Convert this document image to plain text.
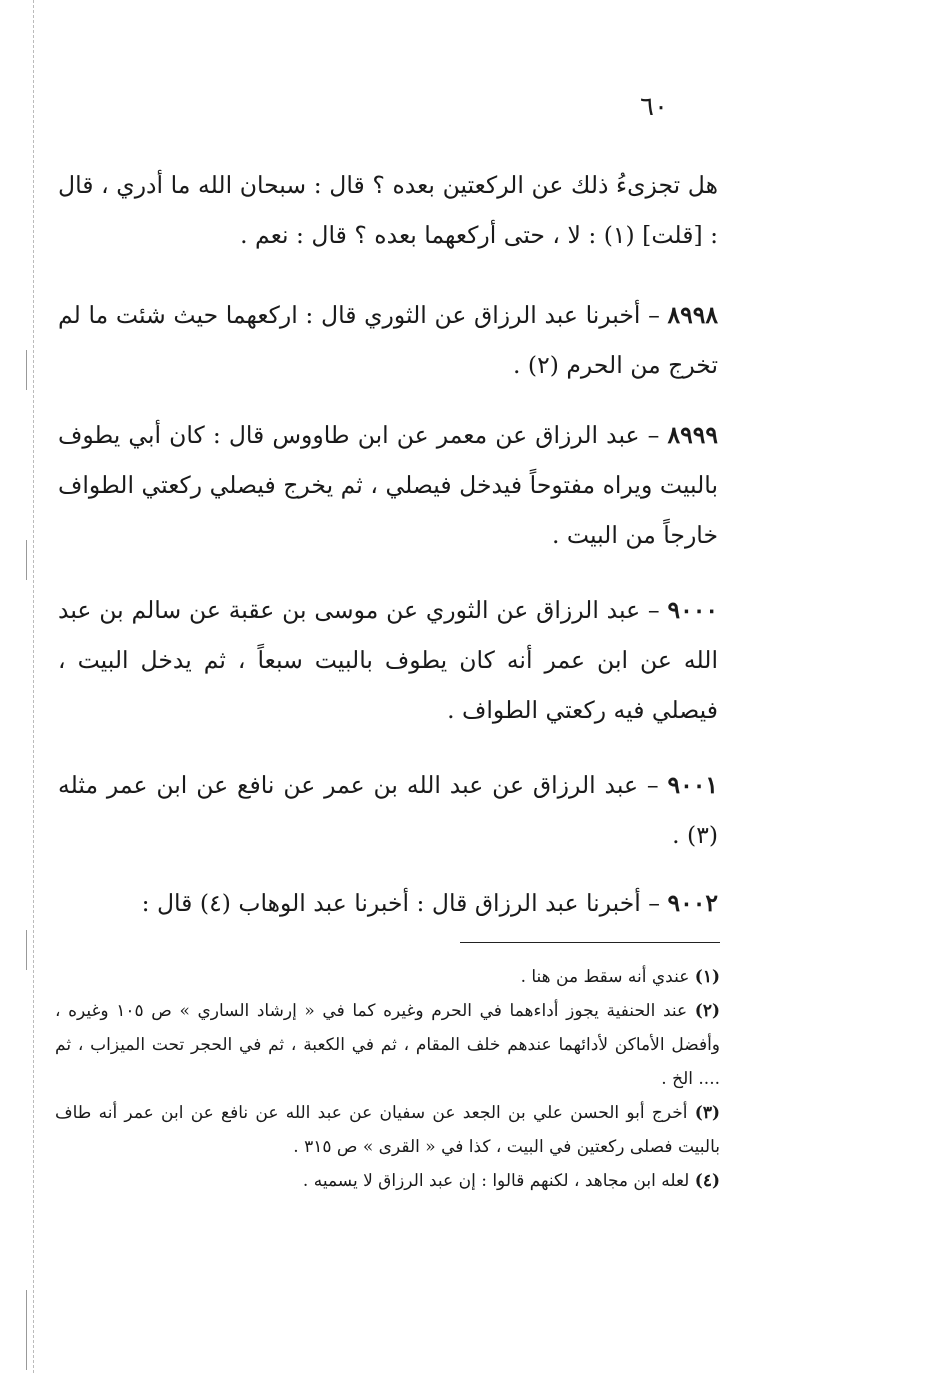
٦٠

هل تجزىءُ ذلك عن الركعتين بعده ؟ قال : سبحان الله ما أدري ، قال : [قلت] (١) : لا ، حتى أركعهما بعده ؟ قال : نعم .

٨٩٩٨ – أخبرنا عبد الرزاق عن الثوري قال : اركعهما حيث شئت ما لم تخرج من الحرم (٢) .

٨٩٩٩ – عبد الرزاق عن معمر عن ابن طاووس قال : كان أبي يطوف بالبيت ويراه مفتوحاً فيدخل فيصلي ، ثم يخرج فيصلي ركعتي الطواف خارجاً من البيت .

٩٠٠٠ – عبد الرزاق عن الثوري عن موسى بن عقبة عن سالم بن عبد الله عن ابن عمر أنه كان يطوف بالبيت سبعاً ، ثم يدخل البيت ، فيصلي فيه ركعتي الطواف .

٩٠٠١ – عبد الرزاق عن عبد الله بن عمر عن نافع عن ابن عمر مثله (٣) .

٩٠٠٢ – أخبرنا عبد الرزاق قال : أخبرنا عبد الوهاب (٤) قال :

(١) عندي أنه سقط من هنا .

(٢) عند الحنفية يجوز أداءهما في الحرم وغيره كما في « إرشاد الساري » ص ١٠٥ وغيره ، وأفضل الأماكن لأدائهما عندهم خلف المقام ، ثم في الكعبة ، ثم في الحجر تحت الميزاب ، ثم .... الخ .

(٣) أخرج أبو الحسن علي بن الجعد عن سفيان عن عبد الله عن نافع عن ابن عمر أنه طاف بالبيت فصلى ركعتين في البيت ، كذا في « القرى » ص ٣١٥ .

(٤) لعله ابن مجاهد ، لكنهم قالوا : إن عبد الرزاق لا يسميه .
